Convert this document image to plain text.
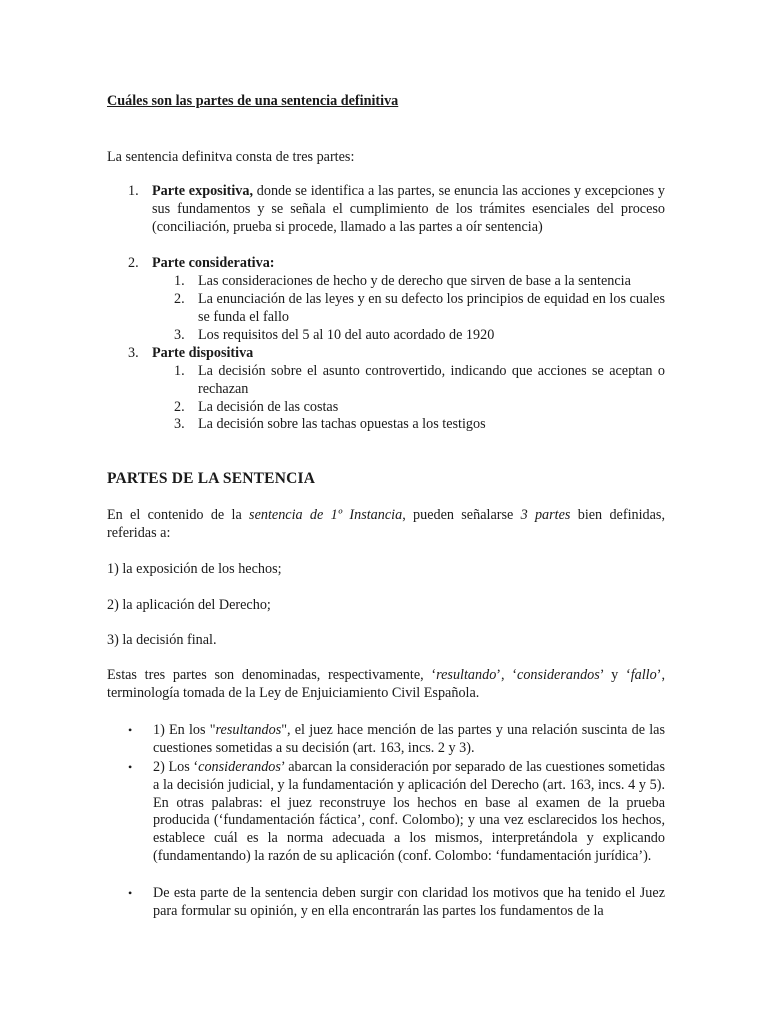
Cuáles son las partes de una sentencia definitiva

La sentencia definitva consta de tres partes:

1. Parte expositiva, donde se identifica a las partes, se enuncia las acciones y excepciones y sus fundamentos y se señala el cumplimiento de los trámites esenciales del proceso (conciliación, prueba si procede, llamado a las partes a oír sentencia)
2. Parte considerativa:
1. Las consideraciones de hecho y de derecho que sirven de base a la sentencia
2. La enunciación de las leyes y en su defecto los principios de equidad en los cuales se funda el fallo
3. Los requisitos del 5 al 10 del auto acordado de 1920
3. Parte dispositiva
1. La decisión sobre el asunto controvertido, indicando que acciones se aceptan o rechazan
2. La decisión de las costas
3. La decisión sobre las tachas opuestas a los testigos

PARTES DE LA SENTENCIA

En el contenido de la sentencia de 1º Instancia, pueden señalarse 3 partes bien definidas, referidas a:

1) la exposición de los hechos;

2) la aplicación del Derecho;

3) la decisión final.

Estas tres partes son denominadas, respectivamente, ‘resultando’, ‘considerandos’ y ‘fallo’, terminología tomada de la Ley de Enjuiciamiento Civil Española.

• 1) En los "resultandos", el juez hace mención de las partes y una relación suscinta de las cuestiones sometidas a su decisión (art. 163, incs. 2 y 3).
• 2) Los ‘considerandos’ abarcan la consideración por separado de las cuestiones sometidas a la decisión judicial, y la fundamentación y aplicación del Derecho (art. 163, incs. 4 y 5). En otras palabras: el juez reconstruye los hechos en base al examen de la prueba producida (‘fundamentación fáctica’, conf. Colombo); y una vez esclarecidos los hechos, establece cuál es la norma adecuada a los mismos, interpretándola y explicando (fundamentando) la razón de su aplicación (conf. Colombo: ‘fundamentación jurídica’).
• De esta parte de la sentencia deben surgir con claridad los motivos que ha tenido el Juez para formular su opinión, y en ella encontrarán las partes los fundamentos de la
